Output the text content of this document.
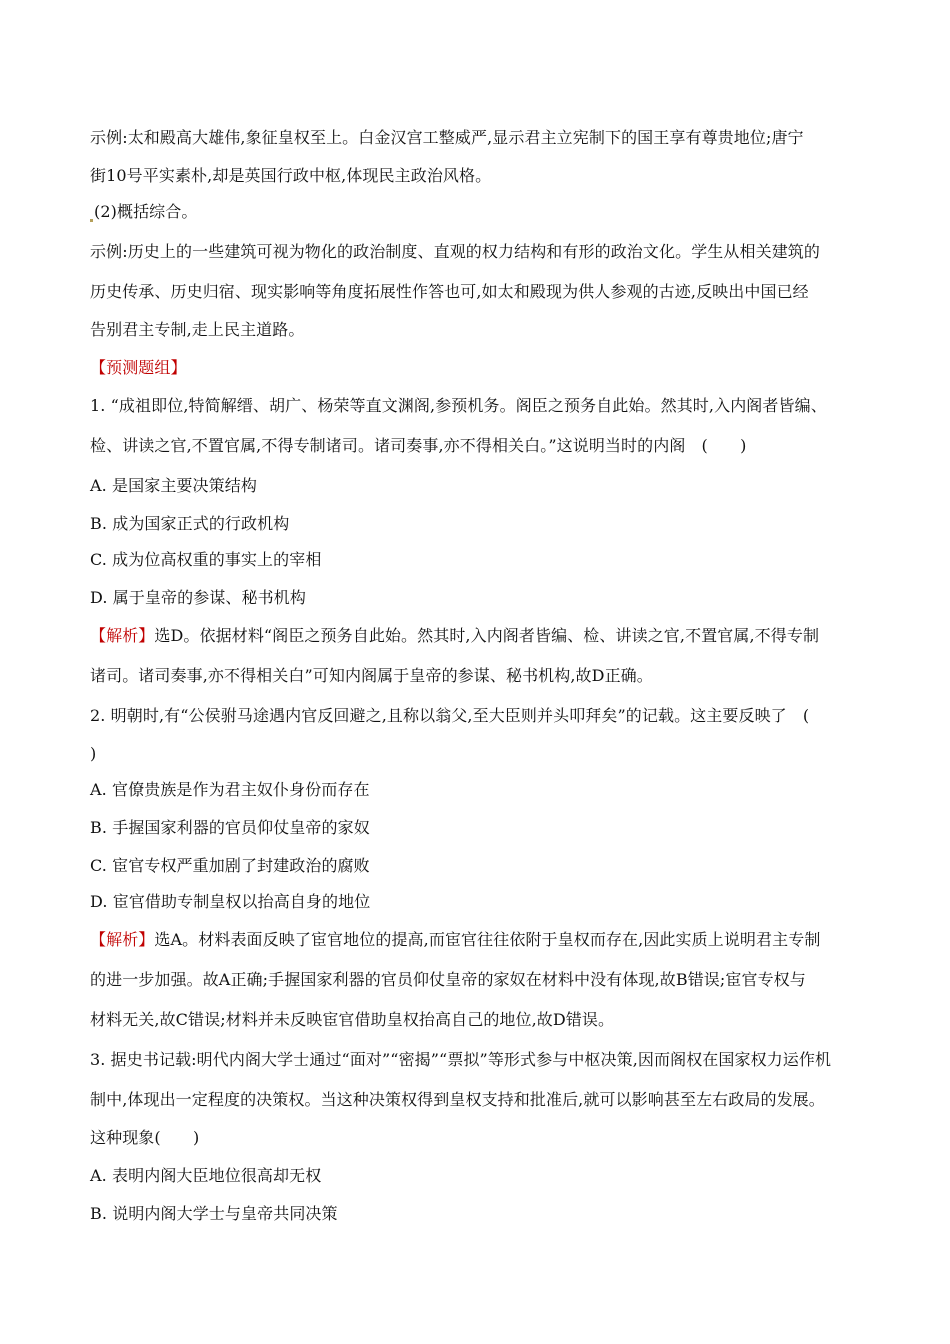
示例:太和殿高大雄伟,象征皇权至上。白金汉宫工整威严,显示君主立宪制下的国王享有尊贵地位;唐宁
街10号平实素朴,却是英国行政中枢,体现民主政治风格。
(2)概括综合。
示例:历史上的一些建筑可视为物化的政治制度、直观的权力结构和有形的政治文化。学生从相关建筑的
历史传承、历史归宿、现实影响等角度拓展性作答也可,如太和殿现为供人参观的古迹,反映出中国已经
告别君主专制,走上民主道路。
【预测题组】
1. “成祖即位,特简解缙、胡广、杨荣等直文渊阁,参预机务。阁臣之预务自此始。然其时,入内阁者皆编、
检、讲读之官,不置官属,不得专制诸司。诸司奏事,亦不得相关白。”这说明当时的内阁　(　　)
A. 是国家主要决策结构
B. 成为国家正式的行政机构
C. 成为位高权重的事实上的宰相
D. 属于皇帝的参谋、秘书机构
【解析】选D。依据材料“阁臣之预务自此始。然其时,入内阁者皆编、检、讲读之官,不置官属,不得专制
诸司。诸司奏事,亦不得相关白”可知内阁属于皇帝的参谋、秘书机构,故D正确。
2. 明朝时,有“公侯驸马途遇内官反回避之,且称以翁父,至大臣则并头叩拜矣”的记载。这主要反映了　(
)
A. 官僚贵族是作为君主奴仆身份而存在
B. 手握国家利器的官员仰仗皇帝的家奴
C. 宦官专权严重加剧了封建政治的腐败
D. 宦官借助专制皇权以抬高自身的地位
【解析】选A。材料表面反映了宦官地位的提高,而宦官往往依附于皇权而存在,因此实质上说明君主专制
的进一步加强。故A正确;手握国家利器的官员仰仗皇帝的家奴在材料中没有体现,故B错误;宦官专权与
材料无关,故C错误;材料并未反映宦官借助皇权抬高自己的地位,故D错误。
3. 据史书记载:明代内阁大学士通过“面对”“密揭”“票拟”等形式参与中枢决策,因而阁权在国家权力运作机
制中,体现出一定程度的决策权。当这种决策权得到皇权支持和批准后,就可以影响甚至左右政局的发展。
这种现象(　　)
A. 表明内阁大臣地位很高却无权
B. 说明内阁大学士与皇帝共同决策
